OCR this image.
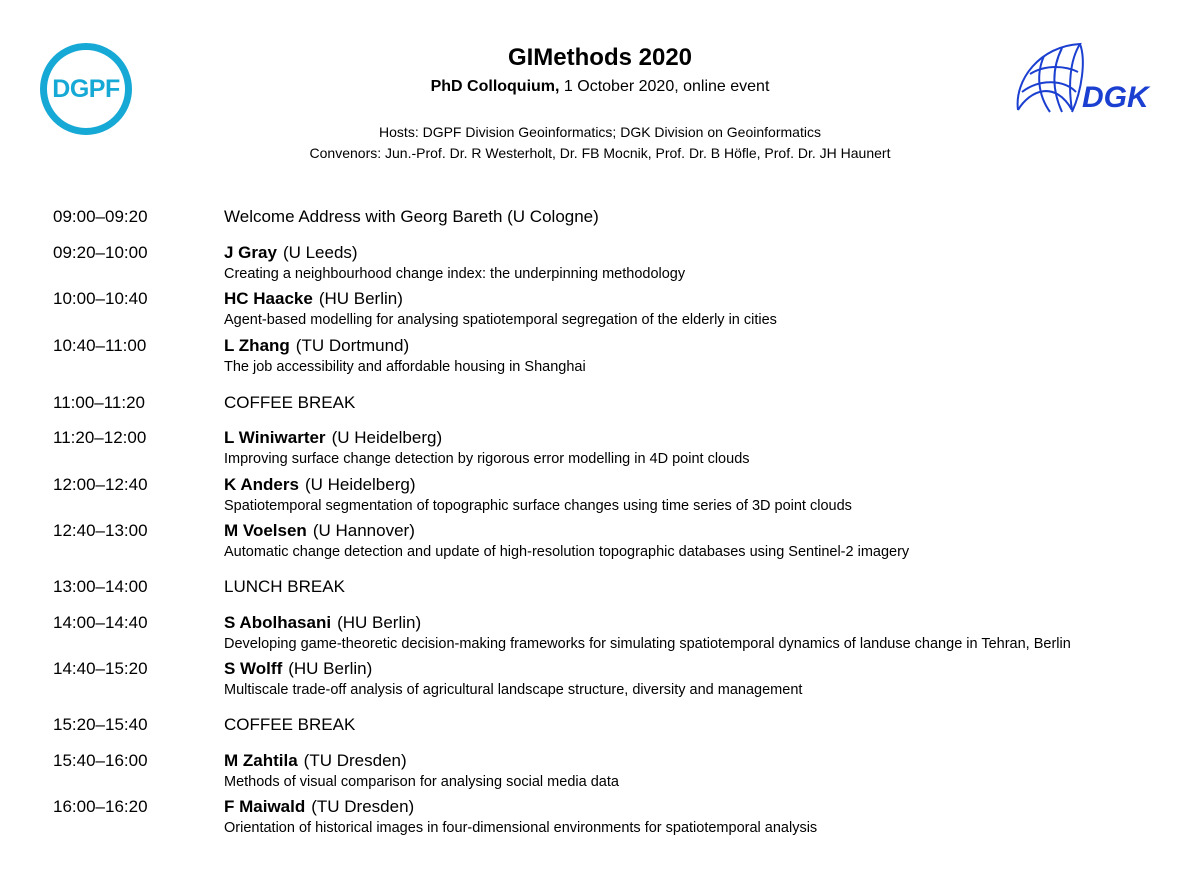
DGPF	DGK
GIMethods 2020
PhD Colloquium, 1 October 2020, online event
Hosts: DGPF Division Geoinformatics; DGK Division on Geoinformatics
Convenors: Jun.-Prof. Dr. R Westerholt, Dr. FB Mocnik, Prof. Dr. B Höfle, Prof. Dr. JH Haunert
09:00–09:20	Welcome Address with Georg Bareth (U Cologne)
09:20–10:00	J Gray (U Leeds)
Creating a neighbourhood change index: the underpinning methodology
10:00–10:40	HC Haacke (HU Berlin)
Agent-based modelling for analysing spatiotemporal segregation of the elderly in cities
10:40–11:00	L Zhang (TU Dortmund)
The job accessibility and affordable housing in Shanghai
11:00–11:20	COFFEE BREAK
11:20–12:00	L Winiwarter (U Heidelberg)
Improving surface change detection by rigorous error modelling in 4D point clouds
12:00–12:40	K Anders (U Heidelberg)
Spatiotemporal segmentation of topographic surface changes using time series of 3D point clouds
12:40–13:00	M Voelsen (U Hannover)
Automatic change detection and update of high-resolution topographic databases using Sentinel-2 imagery
13:00–14:00	LUNCH BREAK
14:00–14:40	S Abolhasani (HU Berlin)
Developing game-theoretic decision-making frameworks for simulating spatiotemporal dynamics of landuse change in Tehran, Berlin
14:40–15:20	S Wolff (HU Berlin)
Multiscale trade-off analysis of agricultural landscape structure, diversity and management
15:20–15:40	COFFEE BREAK
15:40–16:00	M Zahtila (TU Dresden)
Methods of visual comparison for analysing social media data
16:00–16:20	F Maiwald (TU Dresden)
Orientation of historical images in four-dimensional environments for spatiotemporal analysis
